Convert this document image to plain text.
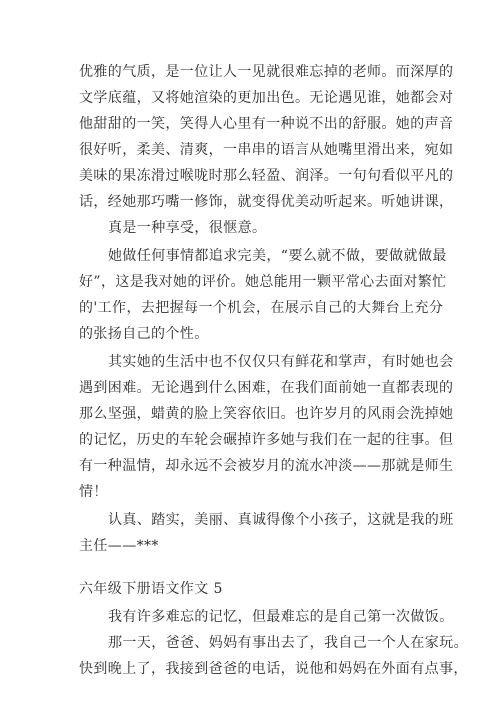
优雅的气质，是一位让人一见就很难忘掉的老师。而深厚的
文学底蕴，又将她渲染的更加出色。无论遇见谁，她都会对
他甜甜的一笑，笑得人心里有一种说不出的舒服。她的声音
很好听，柔美、清爽，一串串的语言从她嘴里滑出来，宛如
美味的果冻滑过喉咙时那么轻盈、润泽。一句句看似平凡的
话，经她那巧嘴一修饰，就变得优美动听起来。听她讲课，
真是一种享受，很惬意。
她做任何事情都追求完美，“要么就不做，要做就做最
好”，这是我对她的评价。她总能用一颗平常心去面对繁忙
的'工作，去把握每一个机会，在展示自己的大舞台上充分
的张扬自己的个性。
其实她的生活中也不仅仅只有鲜花和掌声，有时她也会
遇到困难。无论遇到什么困难，在我们面前她一直都表现的
那么坚强，蜡黄的脸上笑容依旧。也许岁月的风雨会洗掉她
的记忆，历史的车轮会碾掉许多她与我们在一起的往事。但
有一种温情，却永远不会被岁月的流水冲淡——那就是师生
情！
认真、踏实，美丽、真诚得像个小孩子，这就是我的班
主任——***
六年级下册语文作文 5
我有许多难忘的记忆，但最难忘的是自己第一次做饭。
那一天，爸爸、妈妈有事出去了，我自己一个人在家玩。
快到晚上了，我接到爸爸的电话，说他和妈妈在外面有点事，
